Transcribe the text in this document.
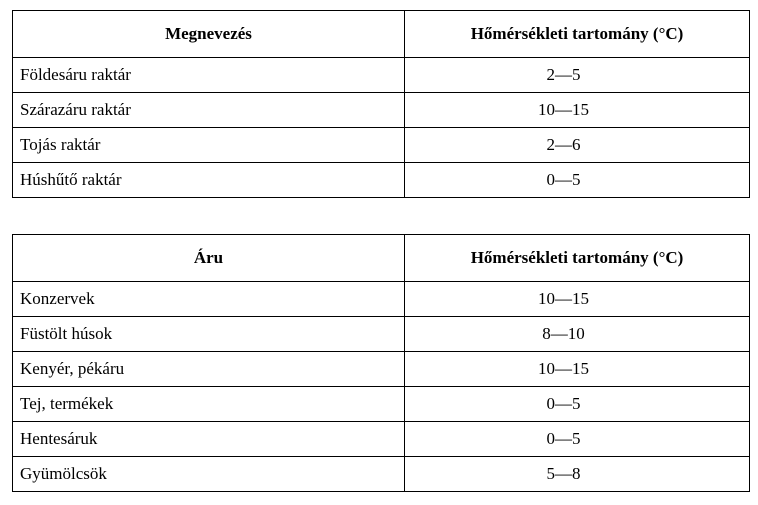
Megnevezés	Hőmérsékleti tartomány (°C)
Földesáru raktár	2—5
Szárazáru raktár	10—15
Tojás raktár	2—6
Húshűtő raktár	0—5
Áru	Hőmérsékleti tartomány (°C)
Konzervek	10—15
Füstölt húsok	8—10
Kenyér, pékáru	10—15
Tej, termékek	0—5
Hentesáruk	0—5
Gyümölcsök	5—8
